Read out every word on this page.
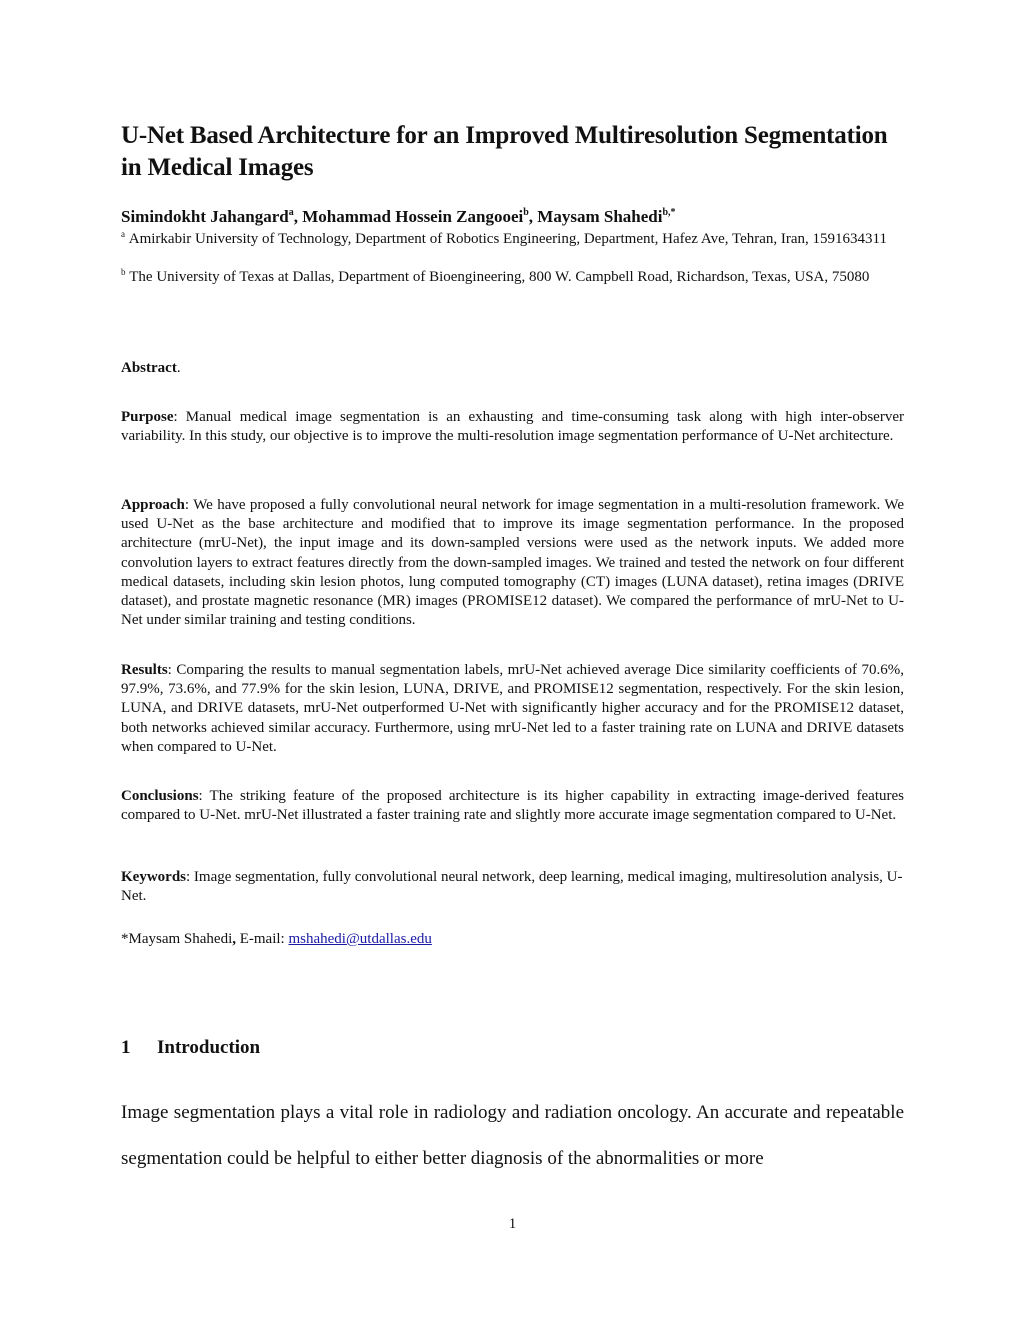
U-Net Based Architecture for an Improved Multiresolution Segmentation in Medical Images
Simindokht Jahangard$^a$, Mohammad Hossein Zangooei$^b$, Maysam Shahedi$^{b,*}$
$^a$ Amirkabir University of Technology, Department of Robotics Engineering, Department, Hafez Ave, Tehran, Iran, 1591634311
$^b$ The University of Texas at Dallas, Department of Bioengineering, 800 W. Campbell Road, Richardson, Texas, USA, 75080
Abstract.
Purpose: Manual medical image segmentation is an exhausting and time-consuming task along with high inter-observer variability. In this study, our objective is to improve the multi-resolution image segmentation performance of U-Net architecture.
Approach: We have proposed a fully convolutional neural network for image segmentation in a multi-resolution framework. We used U-Net as the base architecture and modified that to improve its image segmentation performance. In the proposed architecture (mrU-Net), the input image and its down-sampled versions were used as the network inputs. We added more convolution layers to extract features directly from the down-sampled images. We trained and tested the network on four different medical datasets, including skin lesion photos, lung computed tomography (CT) images (LUNA dataset), retina images (DRIVE dataset), and prostate magnetic resonance (MR) images (PROMISE12 dataset). We compared the performance of mrU-Net to U-Net under similar training and testing conditions.
Results: Comparing the results to manual segmentation labels, mrU-Net achieved average Dice similarity coefficients of 70.6%, 97.9%, 73.6%, and 77.9% for the skin lesion, LUNA, DRIVE, and PROMISE12 segmentation, respectively. For the skin lesion, LUNA, and DRIVE datasets, mrU-Net outperformed U-Net with significantly higher accuracy and for the PROMISE12 dataset, both networks achieved similar accuracy. Furthermore, using mrU-Net led to a faster training rate on LUNA and DRIVE datasets when compared to U-Net.
Conclusions: The striking feature of the proposed architecture is its higher capability in extracting image-derived features compared to U-Net. mrU-Net illustrated a faster training rate and slightly more accurate image segmentation compared to U-Net.
Keywords: Image segmentation, fully convolutional neural network, deep learning, medical imaging, multiresolution analysis, U-Net.
*Maysam Shahedi, E-mail: mshahedi@utdallas.edu
1 Introduction
Image segmentation plays a vital role in radiology and radiation oncology. An accurate and repeatable segmentation could be helpful to either better diagnosis of the abnormalities or more
1
